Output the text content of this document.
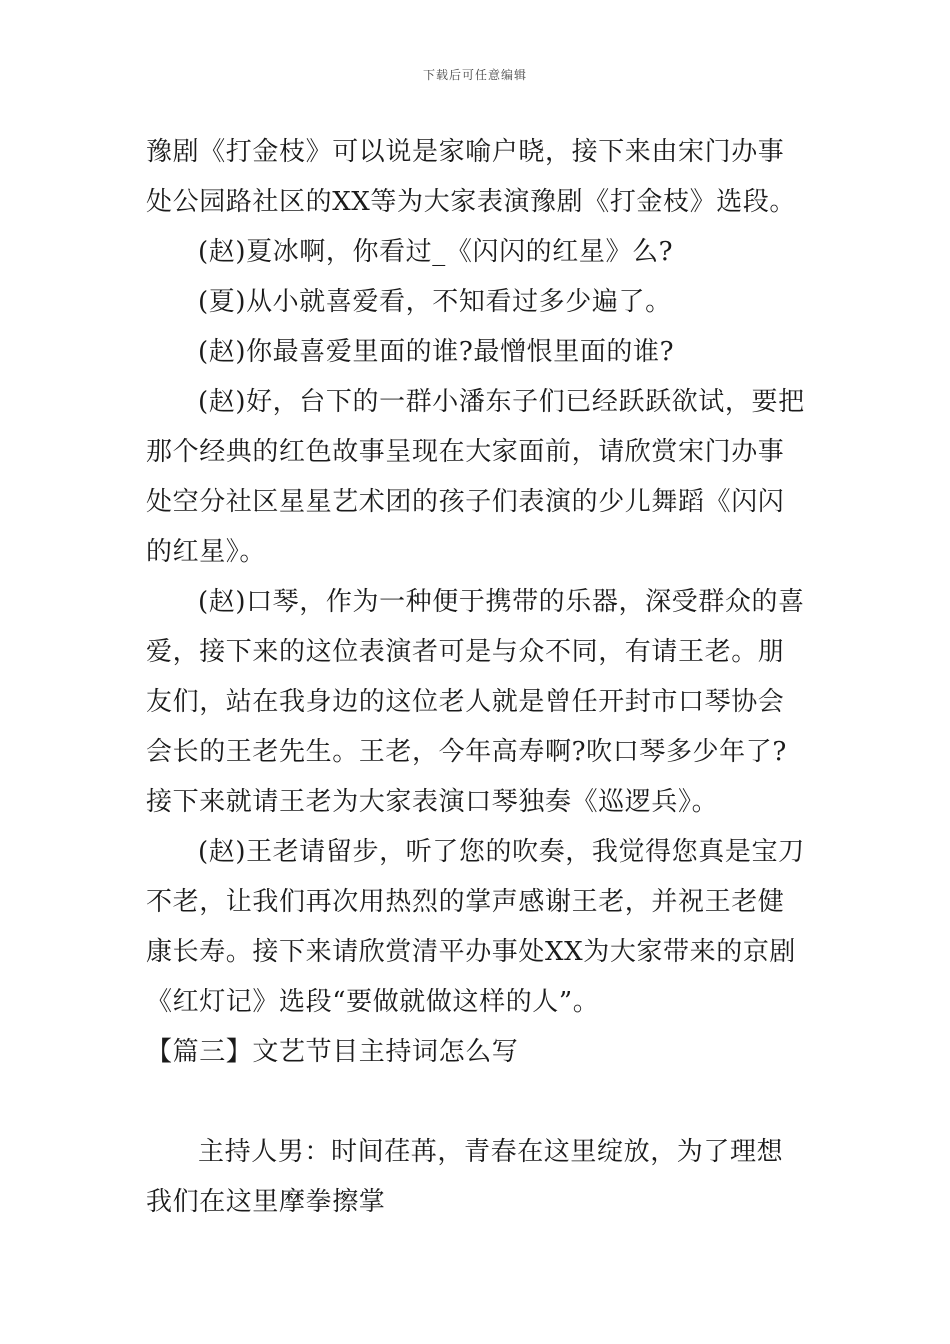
下载后可任意编辑

豫剧《打金枝》可以说是家喻户晓，接下来由宋门办事处公园路社区的XX等为大家表演豫剧《打金枝》选段。

(赵)夏冰啊，你看过_《闪闪的红星》么?

(夏)从小就喜爱看，不知看过多少遍了。

(赵)你最喜爱里面的谁?最憎恨里面的谁?

(赵)好，台下的一群小潘东子们已经跃跃欲试，要把那个经典的红色故事呈现在大家面前，请欣赏宋门办事处空分社区星星艺术团的孩子们表演的少儿舞蹈《闪闪的红星》。

(赵)口琴，作为一种便于携带的乐器，深受群众的喜爱，接下来的这位表演者可是与众不同，有请王老。朋友们，站在我身边的这位老人就是曾任开封市口琴协会会长的王老先生。王老，今年高寿啊?吹口琴多少年了?接下来就请王老为大家表演口琴独奏《巡逻兵》。

(赵)王老请留步，听了您的吹奏，我觉得您真是宝刀不老，让我们再次用热烈的掌声感谢王老，并祝王老健康长寿。接下来请欣赏清平办事处XX为大家带来的京剧《红灯记》选段“要做就做这样的人”。

【篇三】文艺节目主持词怎么写

主持人男：时间荏苒，青春在这里绽放，为了理想我们在这里摩拳擦掌
